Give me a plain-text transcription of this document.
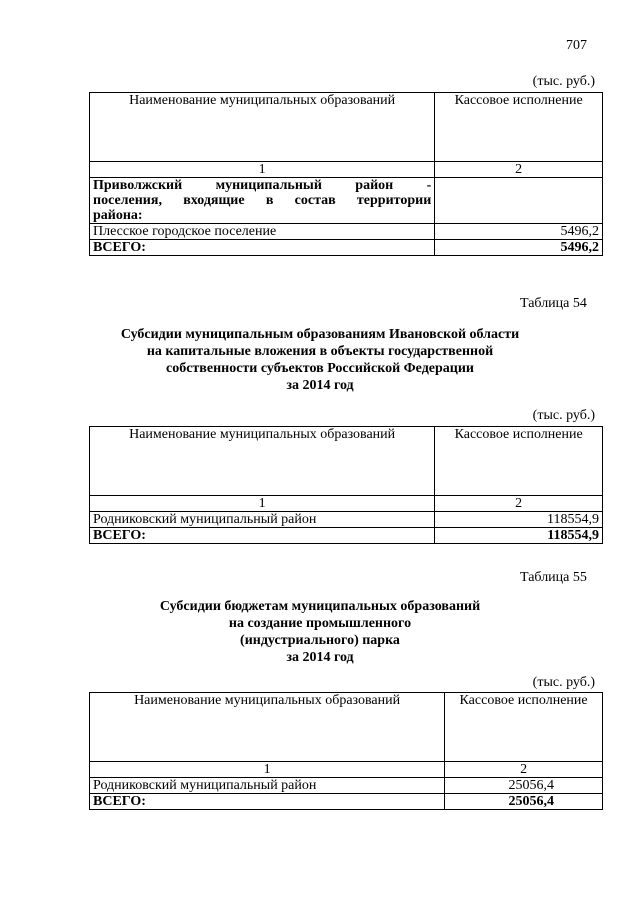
707
(тыс. руб.)
Наименование муниципальных образований	Кассовое исполнение
1	2

Приволжский муниципальный район -
поселения, входящие в состав территории
района:	

Плесское городское поселение	5496,2
ВСЕГО:	5496,2
Таблица 54
Субсидии муниципальным образованиям Ивановской области
на капитальные вложения в объекты государственной
собственности субъектов Российской Федерации
за 2014 год
(тыс. руб.)
Наименование муниципальных образований	Кассовое исполнение
1	2
Родниковский муниципальный район	118554,9
ВСЕГО:	118554,9
Таблица 55
Субсидии бюджетам муниципальных образований
на создание промышленного
(индустриального) парка
за 2014 год
(тыс. руб.)
Наименование муниципальных образований	Кассовое исполнение
1	2
Родниковский муниципальный район	25056,4
ВСЕГО:	25056,4
